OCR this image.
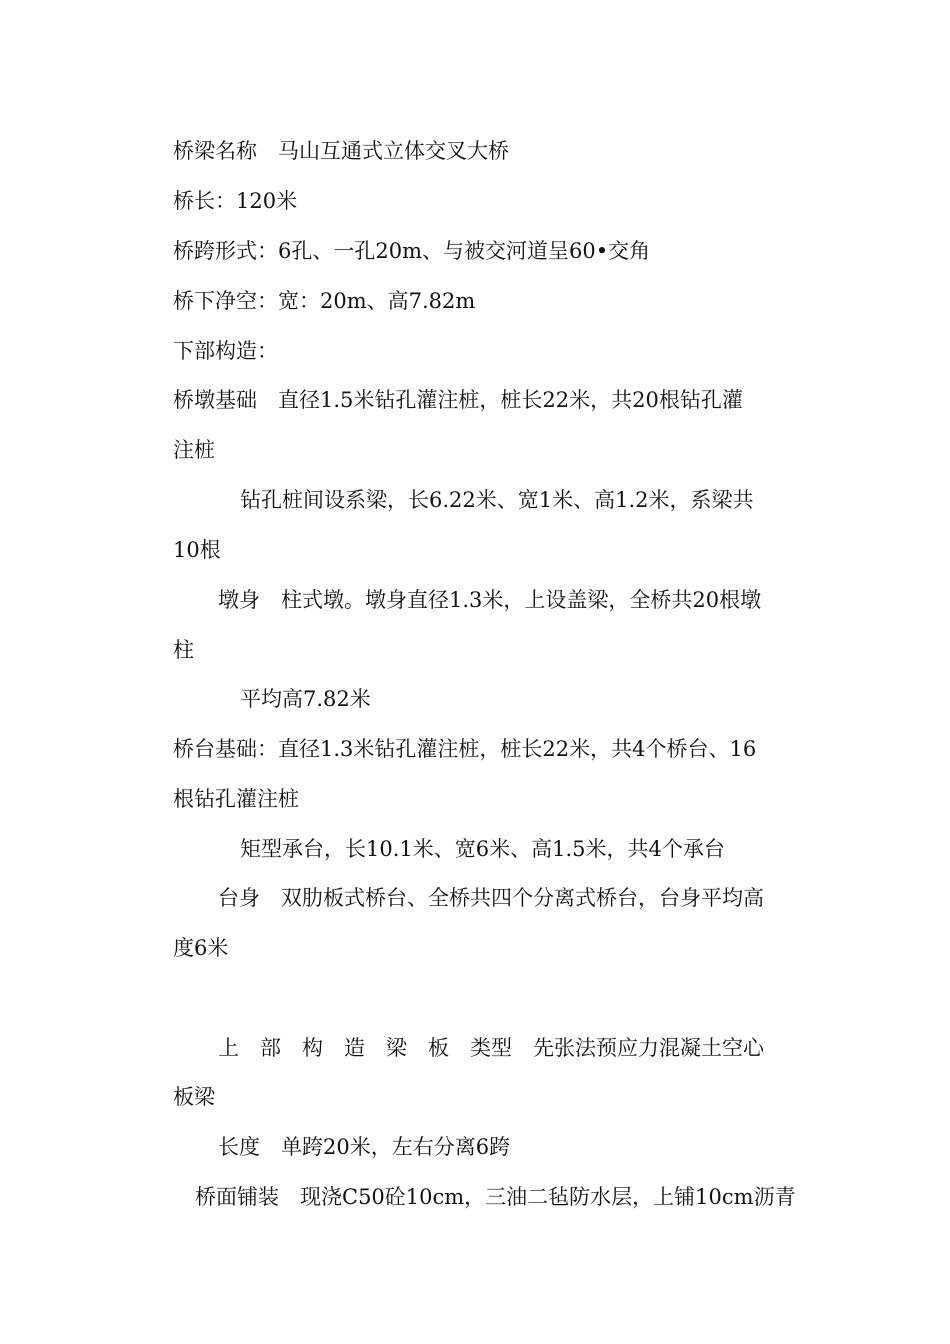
桥梁名称　马山互通式立体交叉大桥

桥长：120米

桥跨形式：6孔、一孔20m、与被交河道呈60•交角

桥下净空：宽：20m、高7.82m

下部构造：

桥墩基础　直径1.5米钻孔灌注桩，桩长22米，共20根钻孔灌

注桩

钻孔桩间设系梁，长6.22米、宽1米、高1.2米，系梁共

10根

墩身　柱式墩。墩身直径1.3米，上设盖梁，全桥共20根墩

柱

平均高7.82米

桥台基础：直径1.3米钻孔灌注桩，桩长22米，共4个桥台、16

根钻孔灌注桩

矩型承台，长10.1米、宽6米、高1.5米，共4个承台

台身　双肋板式桥台、全桥共四个分离式桥台，台身平均高

度6米

上　部　构　造　梁　板　类型　先张法预应力混凝土空心

板梁

长度　单跨20米，左右分离6跨

桥面铺装　现浇C50砼10cm，三油二毡防水层，上铺10cm沥青
